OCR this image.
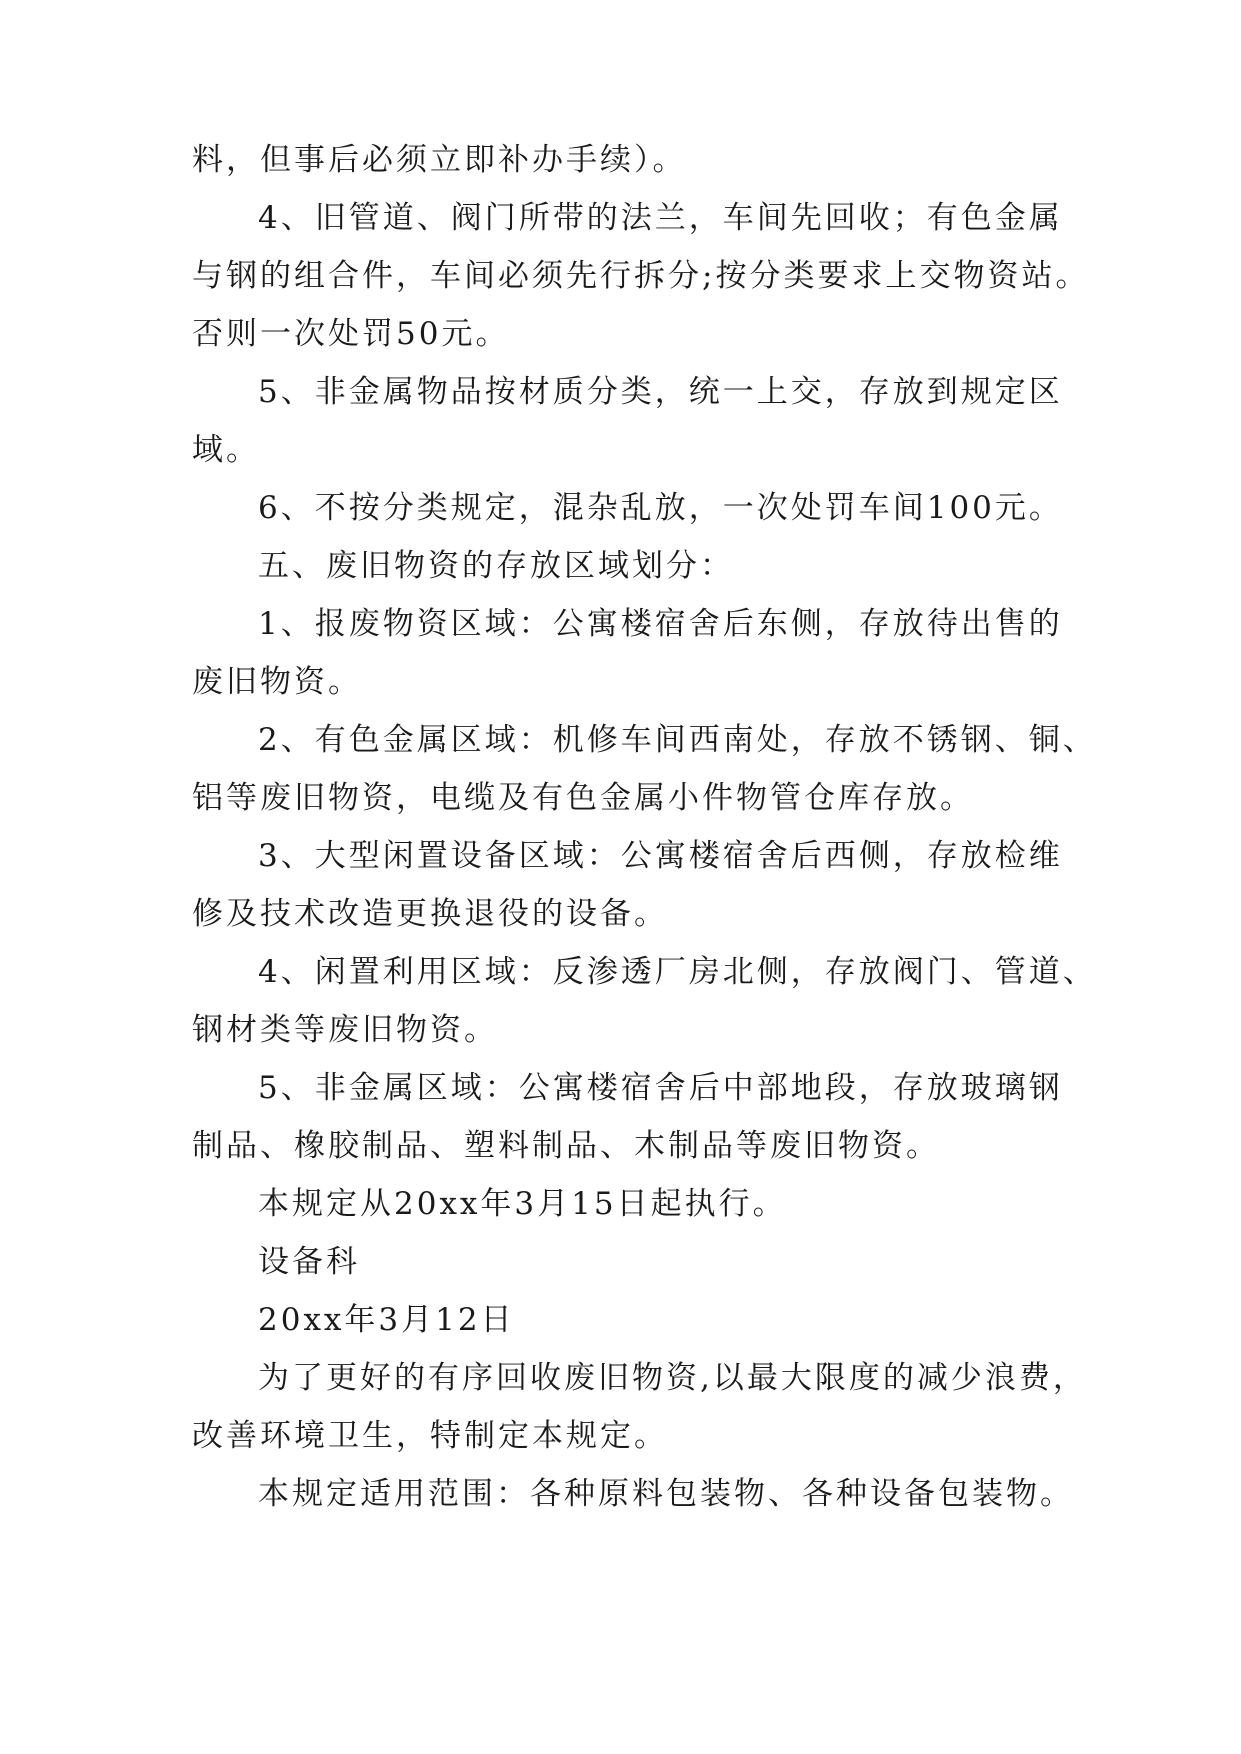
料，但事后必须立即补办手续）。
4、旧管道、阀门所带的法兰，车间先回收；有色金属
与钢的组合件，车间必须先行拆分;按分类要求上交物资站。
否则一次处罚50元。
5、非金属物品按材质分类，统一上交，存放到规定区
域。
6、不按分类规定，混杂乱放，一次处罚车间100元。
五、废旧物资的存放区域划分：
1、报废物资区域：公寓楼宿舍后东侧，存放待出售的
废旧物资。
2、有色金属区域：机修车间西南处，存放不锈钢、铜、
铝等废旧物资，电缆及有色金属小件物管仓库存放。
3、大型闲置设备区域：公寓楼宿舍后西侧，存放检维
修及技术改造更换退役的设备。
4、闲置利用区域：反渗透厂房北侧，存放阀门、管道、
钢材类等废旧物资。
5、非金属区域：公寓楼宿舍后中部地段，存放玻璃钢
制品、橡胶制品、塑料制品、木制品等废旧物资。
本规定从20xx年3月15日起执行。
设备科
20xx年3月12日
为了更好的有序回收废旧物资,以最大限度的减少浪费，
改善环境卫生，特制定本规定。
本规定适用范围：各种原料包装物、各种设备包装物。
